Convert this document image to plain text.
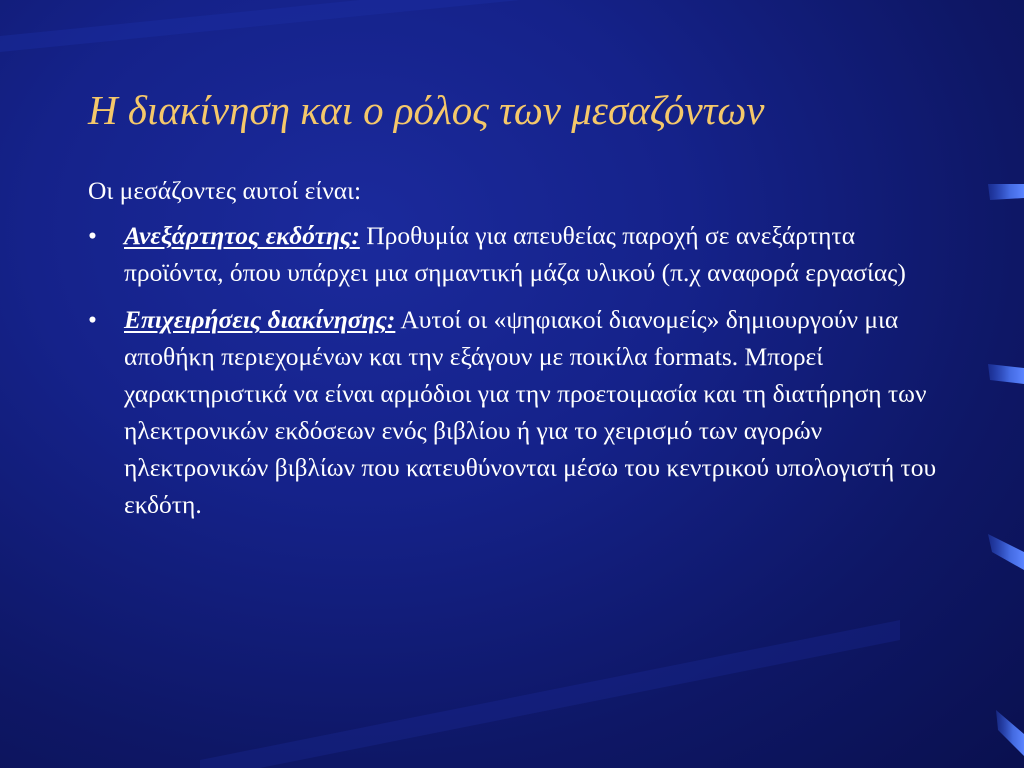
Η διακίνηση και ο ρόλος των μεσαζόντων

Οι μεσάζοντες αυτοί είναι:

• Ανεξάρτητος εκδότης: Προθυμία για απευθείας παροχή σε ανεξάρτητα προϊόντα, όπου υπάρχει μια σημαντική μάζα υλικού (π.χ αναφορά εργασίας)
• Επιχειρήσεις διακίνησης: Αυτοί οι «ψηφιακοί διανομείς» δημιουργούν μια αποθήκη περιεχομένων και την εξάγουν με ποικίλα formats. Μπορεί χαρακτηριστικά να είναι αρμόδιοι για την προετοιμασία και τη διατήρηση των ηλεκτρονικών εκδόσεων ενός βιβλίου ή για το χειρισμό των αγορών ηλεκτρονικών βιβλίων που κατευθύνονται μέσω του κεντρικού υπολογιστή του εκδότη.
